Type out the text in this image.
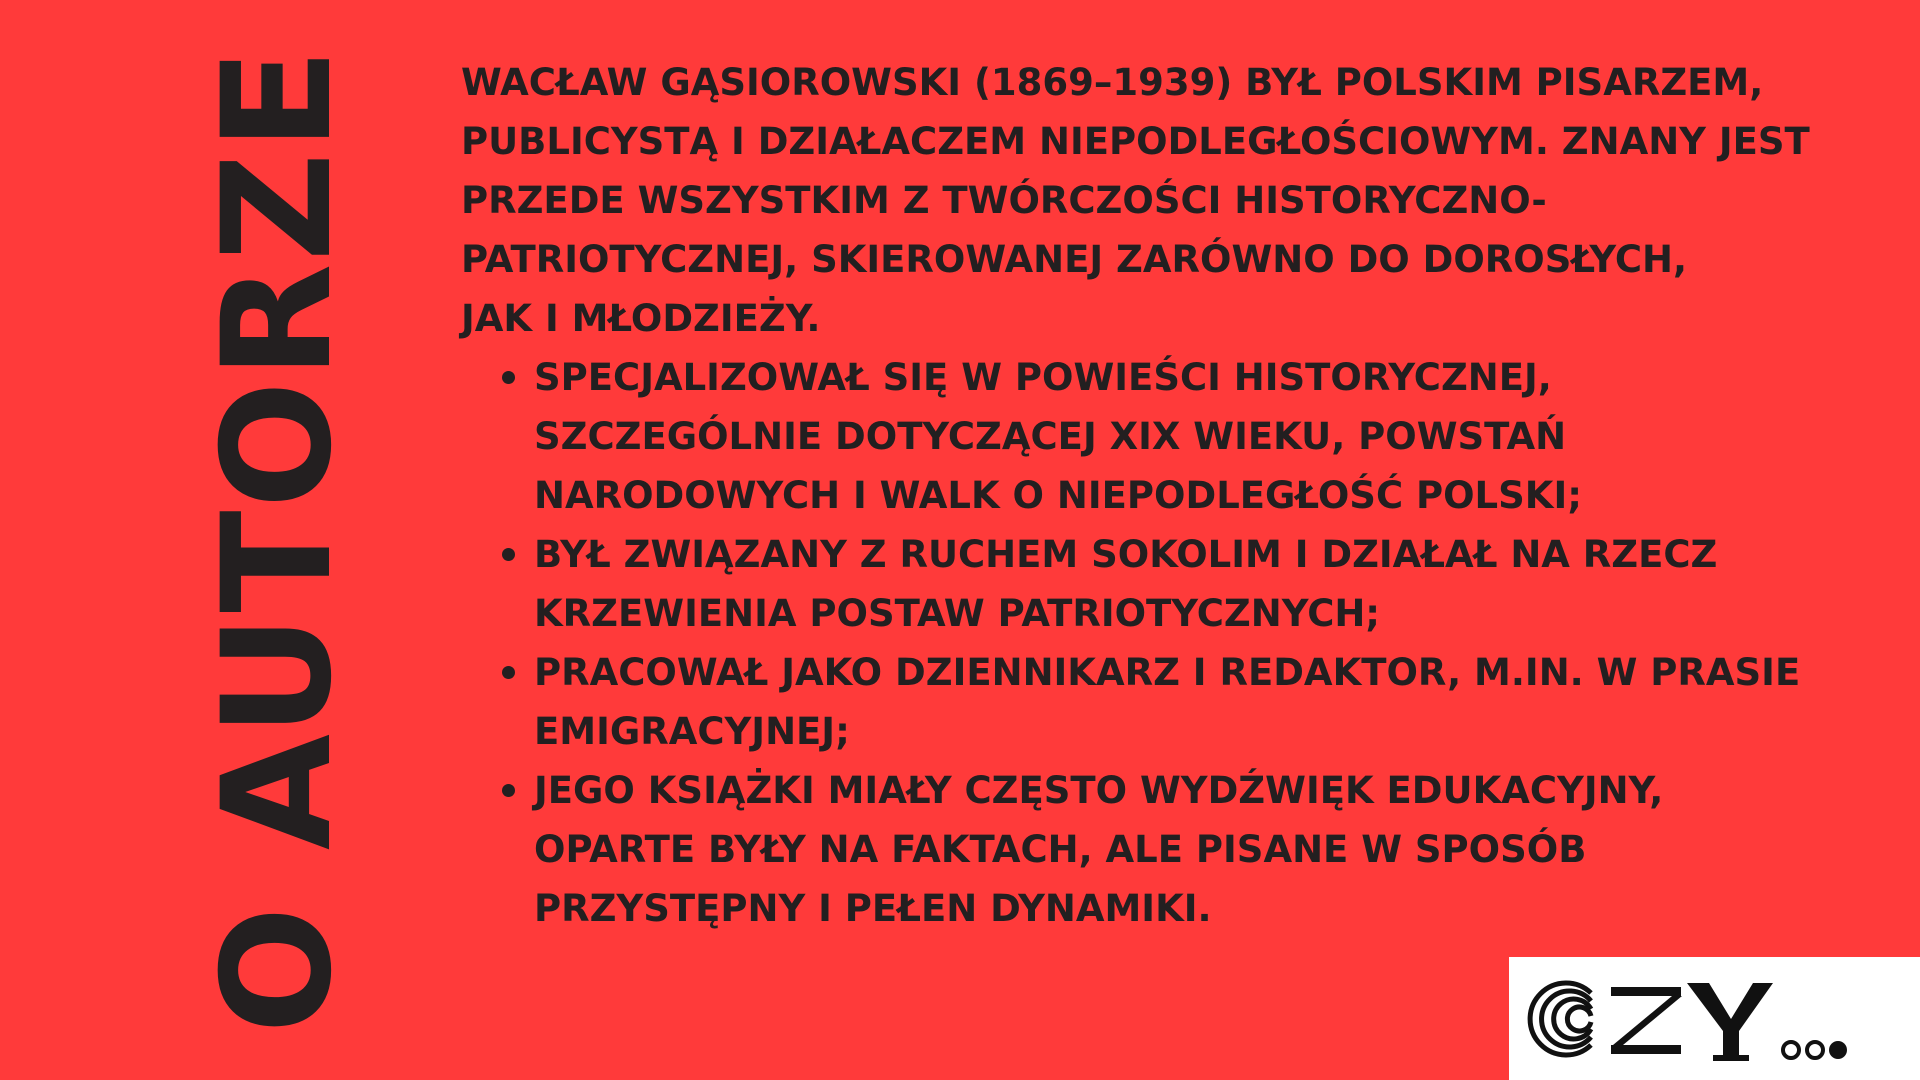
O AUTORZE	WACŁAW GĄSIOROWSKI (1869–1939) BYŁ POLSKIM PISARZEM,

PUBLICYSTĄ I DZIAŁACZEM NIEPODLEGŁOŚCIOWYM. ZNANY JEST

PRZEDE WSZYSTKIM Z TWÓRCZOŚCI HISTORYCZNO-

PATRIOTYCZNEJ, SKIEROWANEJ ZARÓWNO DO DOROSŁYCH,

JAK I MŁODZIEŻY.

SPECJALIZOWAŁ SIĘ W POWIEŚCI HISTORYCZNEJ,
SZCZEGÓLNIE DOTYCZĄCEJ XIX WIEKU, POWSTAŃ
NARODOWYCH I WALK O NIEPODLEGŁOŚĆ POLSKI;
BYŁ ZWIĄZANY Z RUCHEM SOKOLIM I DZIAŁAŁ NA RZECZ
KRZEWIENIA POSTAW PATRIOTYCZNYCH;
PRACOWAŁ JAKO DZIENNIKARZ I REDAKTOR, M.IN. W PRASIE
EMIGRACYJNEJ;
JEGO KSIĄŻKI MIAŁY CZĘSTO WYDŹWIĘK EDUKACYJNY,
OPARTE BYŁY NA FAKTACH, ALE PISANE W SPOSÓB
PRZYSTĘPNY I PEŁEN DYNAMIKI.
